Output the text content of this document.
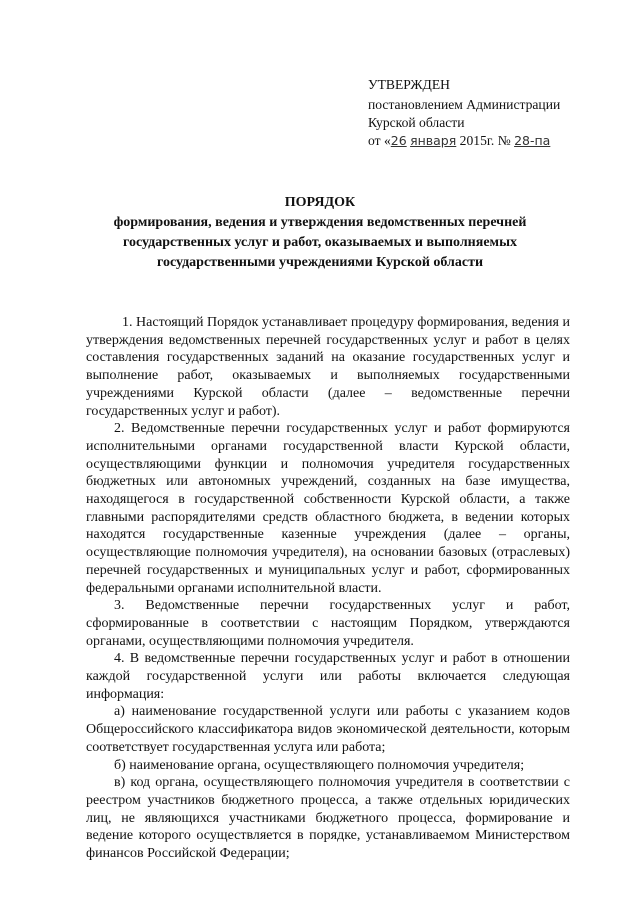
УТВЕРЖДЕН
постановлением Администрации
Курской области
от «26 января 2015г. № 28-па
ПОРЯДОК
формирования, ведения и утверждения ведомственных перечней
государственных услуг и работ, оказываемых и выполняемых
государственными учреждениями Курской области

1. Настоящий Порядок устанавливает процедуру формирования, ведения и утверждения ведомственных перечней государственных услуг и работ в целях составления государственных заданий на оказание государственных услуг и выполнение работ, оказываемых и выполняемых государственными учреждениями Курской области (далее – ведомственные перечни государственных услуг и работ).

2. Ведомственные перечни государственных услуг и работ формируются исполнительными органами государственной власти Курской области, осуществляющими функции и полномочия учредителя государственных бюджетных или автономных учреждений, созданных на базе имущества, находящегося в государственной собственности Курской области, а также главными распорядителями средств областного бюджета, в ведении которых находятся государственные казенные учреждения (далее – органы, осуществляющие полномочия учредителя), на основании базовых (отраслевых) перечней государственных и муниципальных услуг и работ, сформированных федеральными органами исполнительной власти.

3. Ведомственные перечни государственных услуг и работ, сформированные в соответствии с настоящим Порядком, утверждаются органами, осуществляющими полномочия учредителя.

4. В ведомственные перечни государственных услуг и работ в отношении каждой государственной услуги или работы включается следующая информация:

а) наименование государственной услуги или работы с указанием кодов Общероссийского классификатора видов экономической деятельности, которым соответствует государственная услуга или работа;

б) наименование органа, осуществляющего полномочия учредителя;

в) код органа, осуществляющего полномочия учредителя в соответствии с реестром участников бюджетного процесса, а также отдельных юридических лиц, не являющихся участниками бюджетного процесса, формирование и ведение которого осуществляется в порядке, устанавливаемом Министерством финансов Российской Федерации;
